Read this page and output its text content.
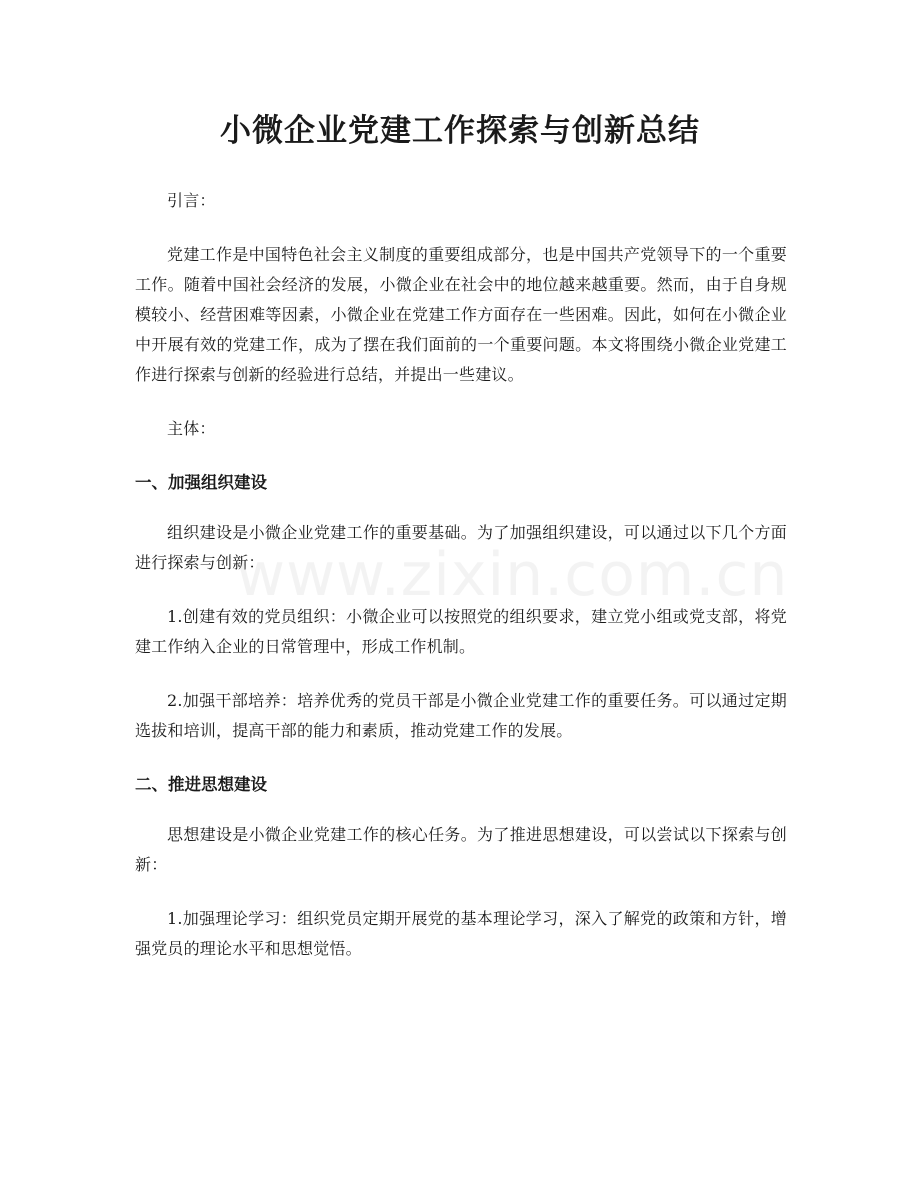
小微企业党建工作探索与创新总结

引言：

党建工作是中国特色社会主义制度的重要组成部分，也是中国共产党领导下的一个重要工作。随着中国社会经济的发展，小微企业在社会中的地位越来越重要。然而，由于自身规模较小、经营困难等因素，小微企业在党建工作方面存在一些困难。因此，如何在小微企业中开展有效的党建工作，成为了摆在我们面前的一个重要问题。本文将围绕小微企业党建工作进行探索与创新的经验进行总结，并提出一些建议。

主体：

一、加强组织建设

组织建设是小微企业党建工作的重要基础。为了加强组织建设，可以通过以下几个方面进行探索与创新：

1.创建有效的党员组织：小微企业可以按照党的组织要求，建立党小组或党支部，将党建工作纳入企业的日常管理中，形成工作机制。

2.加强干部培养：培养优秀的党员干部是小微企业党建工作的重要任务。可以通过定期选拔和培训，提高干部的能力和素质，推动党建工作的发展。

二、推进思想建设

思想建设是小微企业党建工作的核心任务。为了推进思想建设，可以尝试以下探索与创新：

1.加强理论学习：组织党员定期开展党的基本理论学习，深入了解党的政策和方针，增强党员的理论水平和思想觉悟。

www.zixin.com.cn
